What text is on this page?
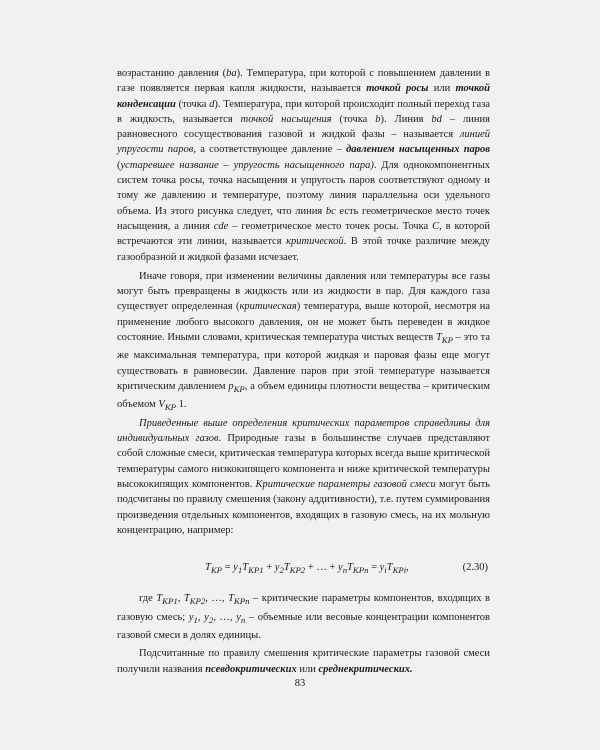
возрастанию давления (ba). Температура, при которой с повышением давлении в газе появляется первая капля жидкости, называется точкой росы или точкой конденсации (точка d). Температура, при которой происходит полный переход газа в жидкость, называется точкой насыщения (точка b). Линия bd – линия равновесного сосуществования газовой и жидкой фазы – называется линией упругости паров, а соответствующее давление – давлением насыщенных паров (устаревшее название – упругость насыщенного пара). Для однокомпонентных систем точка росы, точка насыщения и упругость паров соответствуют одному и тому же давлению и температуре, поэтому линия параллельна оси удельного объема. Из этого рисунка следует, что линия bc есть геометрическое место точек насыщения, а линия cde – геометрическое место точек росы. Точка C, в которой встречаются эти линии, называется критической. В этой точке различие между газообразной и жидкой фазами исчезает.

Иначе говоря, при изменении величины давления или температуры все газы могут быть превращены в жидкость или из жидкости в пар. Для каждого газа существует определенная (критическая) температура, выше которой, несмотря на применение любого высокого давления, он не может быть переведен в жидкое состояние. Иными словами, критическая температура чистых веществ $T_{КР}$ – это та же максимальная температура, при которой жидкая и паровая фазы еще могут существовать в равновесии. Давление паров при этой температуре называется критическим давлением $p_{КР}$, а объем единицы плотности вещества – критическим объемом $V_{КР}$ 1.

Приведенные выше определения критических параметров справедливы для индивидуальных газов. Природные газы в большинстве случаев представляют собой сложные смеси, критическая температура которых всегда выше критической температуры самого низкокипящего компонента и ниже критической температуры высококипящих компонентов. Критические параметры газовой смеси могут быть подсчитаны по правилу смешения (закону аддитивности), т.е. путем суммирования произведения отдельных компонентов, входящих в газовую смесь, на их мольную концентрацию, например:

$T_{КР} = y_1T_{КР1} + y_2T_{КР2}$ + … + $y_nT_{КРn} = y_iT_{КРi}$,	(2.30)

где $T_{КР1}$, $T_{КР2}$, …, $T_{КРn}$ – критические параметры компонентов, входящих в газовую смесь; $y_1$, $y_2$, …, $y_n$ – объемные или весовые концентрации компонентов газовой смеси в долях единицы.

Подсчитанные по правилу смешения критические параметры газовой смеси получили названия псевдокритических или среднекритических.

83
